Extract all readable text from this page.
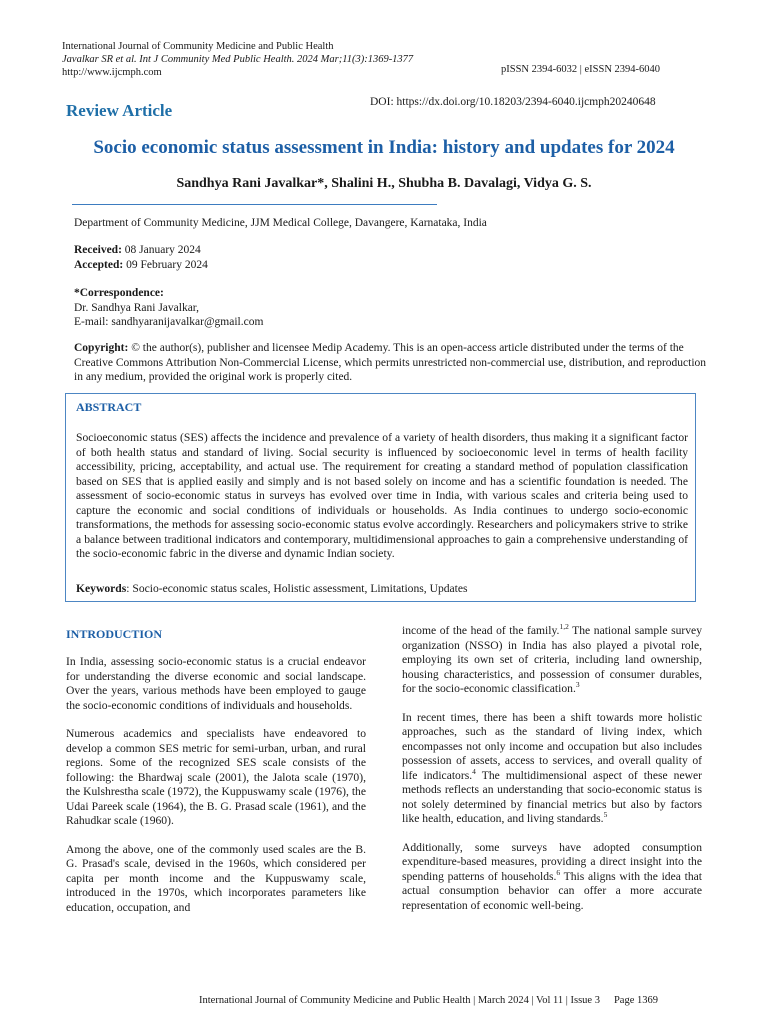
International Journal of Community Medicine and Public Health
Javalkar SR et al. Int J Community Med Public Health. 2024 Mar;11(3):1369-1377
http://www.ijcmph.com	pISSN 2394-6032 | eISSN 2394-6040
Review Article	DOI: https://dx.doi.org/10.18203/2394-6040.ijcmph20240648
Socio economic status assessment in India: history and updates for 2024
Sandhya Rani Javalkar*, Shalini H., Shubha B. Davalagi, Vidya G. S.
Department of Community Medicine, JJM Medical College, Davangere, Karnataka, India
Received: 08 January 2024
Accepted: 09 February 2024
*Correspondence:
Dr. Sandhya Rani Javalkar,
E-mail: sandhyaranijavalkar@gmail.com
Copyright: © the author(s), publisher and licensee Medip Academy. This is an open-access article distributed under the terms of the Creative Commons Attribution Non-Commercial License, which permits unrestricted non-commercial use, distribution, and reproduction in any medium, provided the original work is properly cited.
ABSTRACT
Socioeconomic status (SES) affects the incidence and prevalence of a variety of health disorders, thus making it a significant factor of both health status and standard of living. Social security is influenced by socioeconomic level in terms of health facility accessibility, pricing, acceptability, and actual use. The requirement for creating a standard method of population classification based on SES that is applied easily and simply and is not based solely on income and has a scientific foundation is needed. The assessment of socio-economic status in surveys has evolved over time in India, with various scales and criteria being used to capture the economic and social conditions of individuals or households. As India continues to undergo socio-economic transformations, the methods for assessing socio-economic status evolve accordingly. Researchers and policymakers strive to strike a balance between traditional indicators and contemporary, multidimensional approaches to gain a comprehensive understanding of the socio-economic fabric in the diverse and dynamic Indian society.
Keywords: Socio-economic status scales, Holistic assessment, Limitations, Updates
INTRODUCTION

In India, assessing socio-economic status is a crucial endeavor for understanding the diverse economic and social landscape. Over the years, various methods have been employed to gauge the socio-economic conditions of individuals and households.

Numerous academics and specialists have endeavored to develop a common SES metric for semi-urban, urban, and rural regions. Some of the recognized SES scale consists of the following: the Bhardwaj scale (2001), the Jalota scale (1970), the Kulshrestha scale (1972), the Kuppuswamy scale (1976), the Udai Pareek scale (1964), the B. G. Prasad scale (1961), and the Rahudkar scale (1960).

Among the above, one of the commonly used scales are the B. G. Prasad's scale, devised in the 1960s, which considered per capita per month income and the Kuppuswamy scale, introduced in the 1970s, which incorporates parameters like education, occupation, and

income of the head of the family.$^{1,2}$ The national sample survey organization (NSSO) in India has also played a pivotal role, employing its own set of criteria, including land ownership, housing characteristics, and possession of consumer durables, for the socio-economic classification.$^3$

In recent times, there has been a shift towards more holistic approaches, such as the standard of living index, which encompasses not only income and occupation but also includes possession of assets, access to services, and overall quality of life indicators.$^4$ The multidimensional aspect of these newer methods reflects an understanding that socio-economic status is not solely determined by financial metrics but also by factors like health, education, and living standards.$^5$

Additionally, some surveys have adopted consumption expenditure-based measures, providing a direct insight into the spending patterns of households.$^6$ This aligns with the idea that actual consumption behavior can offer a more accurate representation of economic well-being.

International Journal of Community Medicine and Public Health | March 2024 | Vol 11 | Issue 3 Page 1369
